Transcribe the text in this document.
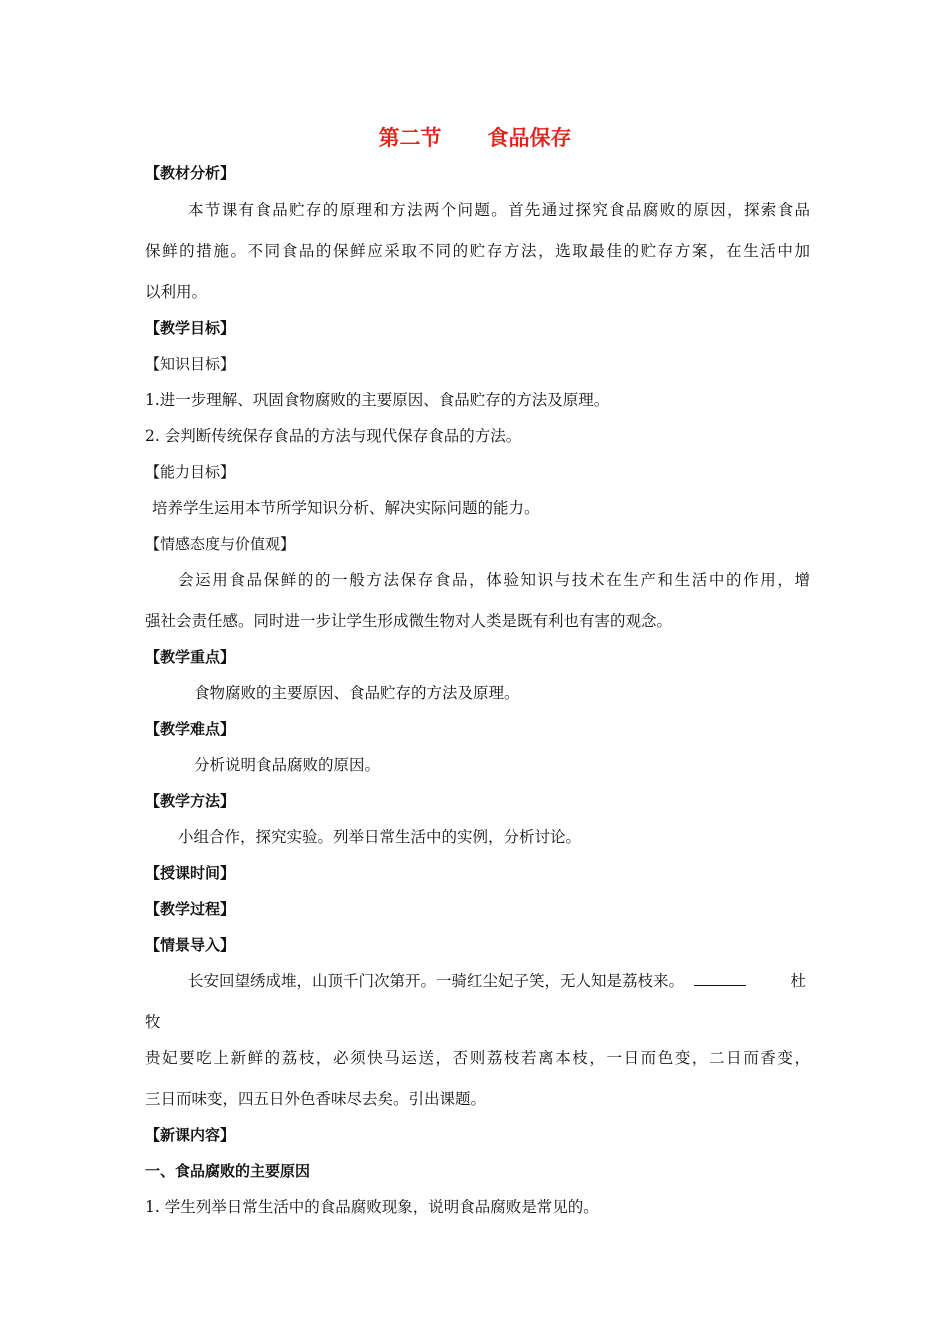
第二节 食品保存
【教材分析】
本节课有食品贮存的原理和方法两个问题。首先通过探究食品腐败的原因，探索食品
保鲜的措施。不同食品的保鲜应采取不同的贮存方法，选取最佳的贮存方案，在生活中加
以利用。
【教学目标】
【知识目标】
1.进一步理解、巩固食物腐败的主要原因、食品贮存的方法及原理。
2. 会判断传统保存食品的方法与现代保存食品的方法。
【能力目标】
培养学生运用本节所学知识分析、解决实际问题的能力。
【情感态度与价值观】
会运用食品保鲜的的一般方法保存食品，体验知识与技术在生产和生活中的作用，增
强社会责任感。同时进一步让学生形成微生物对人类是既有利也有害的观念。
【教学重点】
食物腐败的主要原因、食品贮存的方法及原理。
【教学难点】
分析说明食品腐败的原因。
【教学方法】
小组合作，探究实验。列举日常生活中的实例，分析讨论。
【授课时间】
【教学过程】
【情景导入】
长安回望绣成堆，山顶千门次第开。一骑红尘妃子笑，无人知是荔枝来。	杜
牧
贵妃要吃上新鲜的荔枝，必须快马运送，否则荔枝若离本枝，一日而色变，二日而香变，
三日而味变，四五日外色香味尽去矣。引出课题。
【新课内容】
一、食品腐败的主要原因
1. 学生列举日常生活中的食品腐败现象，说明食品腐败是常见的。
